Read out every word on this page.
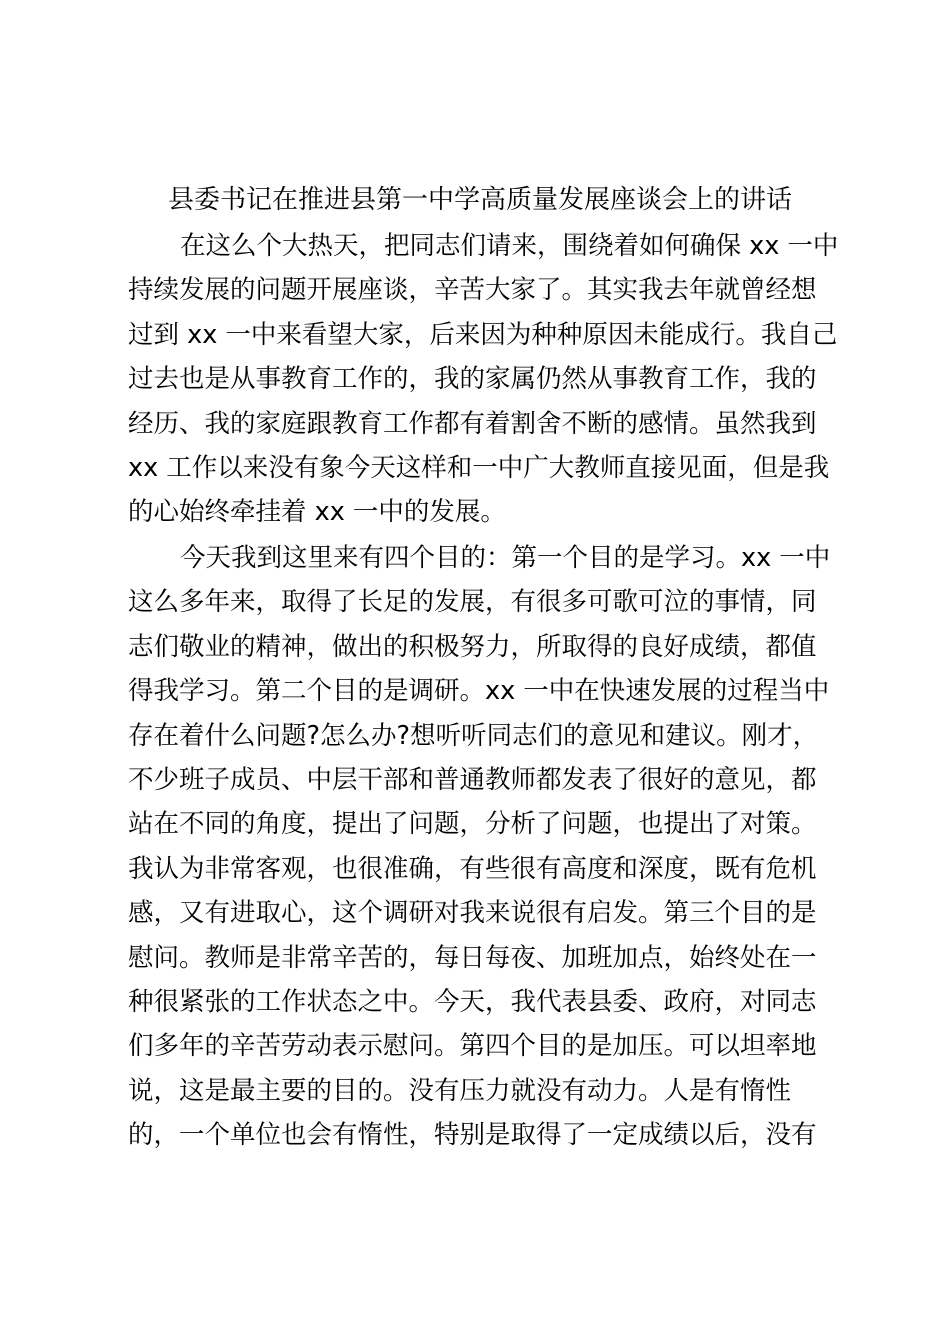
县委书记在推进县第一中学高质量发展座谈会上的讲话
在这么个大热天，把同志们请来，围绕着如何确保 xx 一中
持续发展的问题开展座谈，辛苦大家了。其实我去年就曾经想
过到 xx 一中来看望大家，后来因为种种原因未能成行。我自己
过去也是从事教育工作的，我的家属仍然从事教育工作，我的
经历、我的家庭跟教育工作都有着割舍不断的感情。虽然我到
xx 工作以来没有象今天这样和一中广大教师直接见面，但是我
的心始终牵挂着 xx 一中的发展。
今天我到这里来有四个目的：第一个目的是学习。xx 一中
这么多年来，取得了长足的发展，有很多可歌可泣的事情，同
志们敬业的精神，做出的积极努力，所取得的良好成绩，都值
得我学习。第二个目的是调研。xx 一中在快速发展的过程当中
存在着什么问题?怎么办?想听听同志们的意见和建议。刚才，
不少班子成员、中层干部和普通教师都发表了很好的意见，都
站在不同的角度，提出了问题，分析了问题，也提出了对策。
我认为非常客观，也很准确，有些很有高度和深度，既有危机
感，又有进取心，这个调研对我来说很有启发。第三个目的是
慰问。教师是非常辛苦的，每日每夜、加班加点，始终处在一
种很紧张的工作状态之中。今天，我代表县委、政府，对同志
们多年的辛苦劳动表示慰问。第四个目的是加压。可以坦率地
说，这是最主要的目的。没有压力就没有动力。人是有惰性
的，一个单位也会有惰性，特别是取得了一定成绩以后，没有
